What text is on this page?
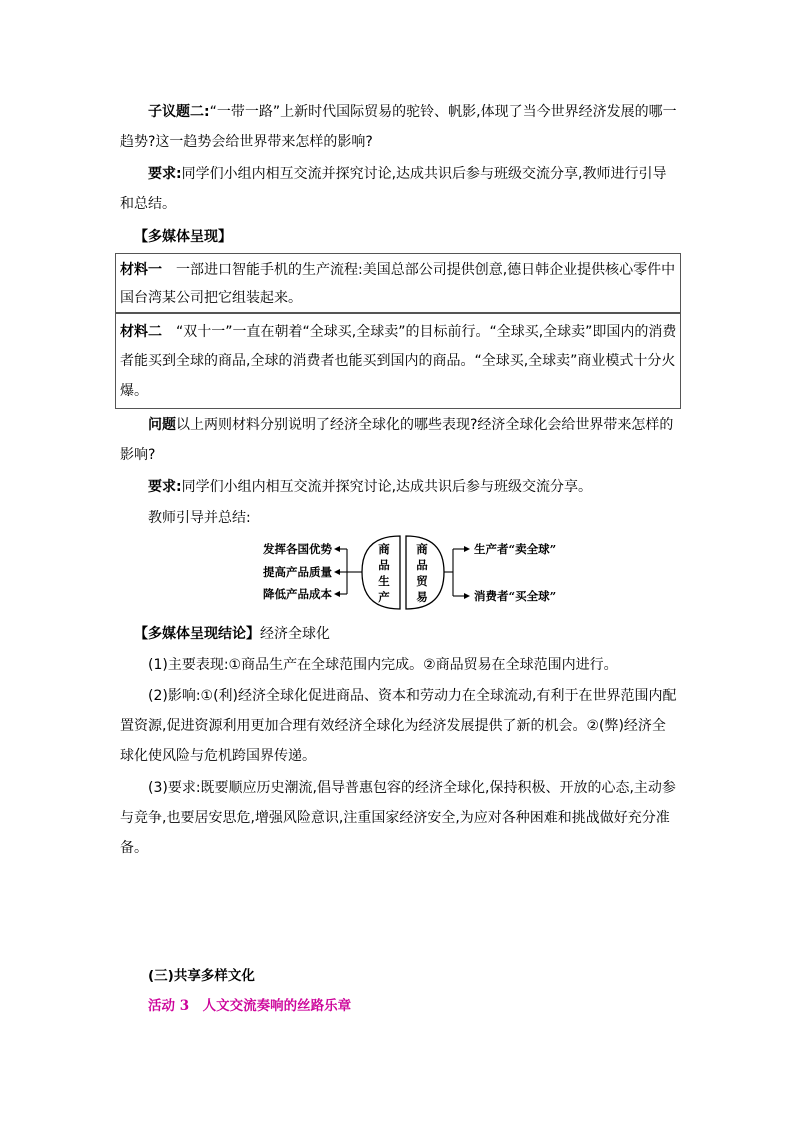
子议题二:“一带一路”上新时代国际贸易的驼铃、帆影,体现了当今世界经济发展的哪一
趋势?这一趋势会给世界带来怎样的影响?
要求:同学们小组内相互交流并探究讨论,达成共识后参与班级交流分享,教师进行引导
和总结。
【多媒体呈现】
材料一 一部进口智能手机的生产流程:美国总部公司提供创意,德日韩企业提供核心零件中
国台湾某公司把它组装起来。
材料二 “双十一”一直在朝着“全球买,全球卖”的目标前行。“全球买,全球卖”即国内的消费
者能买到全球的商品,全球的消费者也能买到国内的商品。“全球买,全球卖”商业模式十分火
爆。
问题以上两则材料分别说明了经济全球化的哪些表现?经济全球化会给世界带来怎样的
影响?
要求:同学们小组内相互交流并探究讨论,达成共识后参与班级交流分享。
教师引导并总结:
发挥各国优势
提高产品质量
降低产品成本
商
品
生
产
商
品
贸
易
生产者“卖全球”
消费者“买全球”
【多媒体呈现结论】经济全球化
(1)主要表现:①商品生产在全球范围内完成。②商品贸易在全球范围内进行。
(2)影响:①(利)经济全球化促进商品、资本和劳动力在全球流动,有利于在世界范围内配
置资源,促进资源利用更加合理有效经济全球化为经济发展提供了新的机会。②(弊)经济全
球化使风险与危机跨国界传递。
(3)要求:既要顺应历史潮流,倡导普惠包容的经济全球化,保持积极、开放的心态,主动参
与竞争,也要居安思危,增强风险意识,注重国家经济安全,为应对各种困难和挑战做好充分准
备。
(三)共享多样文化
活动 3　人文交流奏响的丝路乐章
